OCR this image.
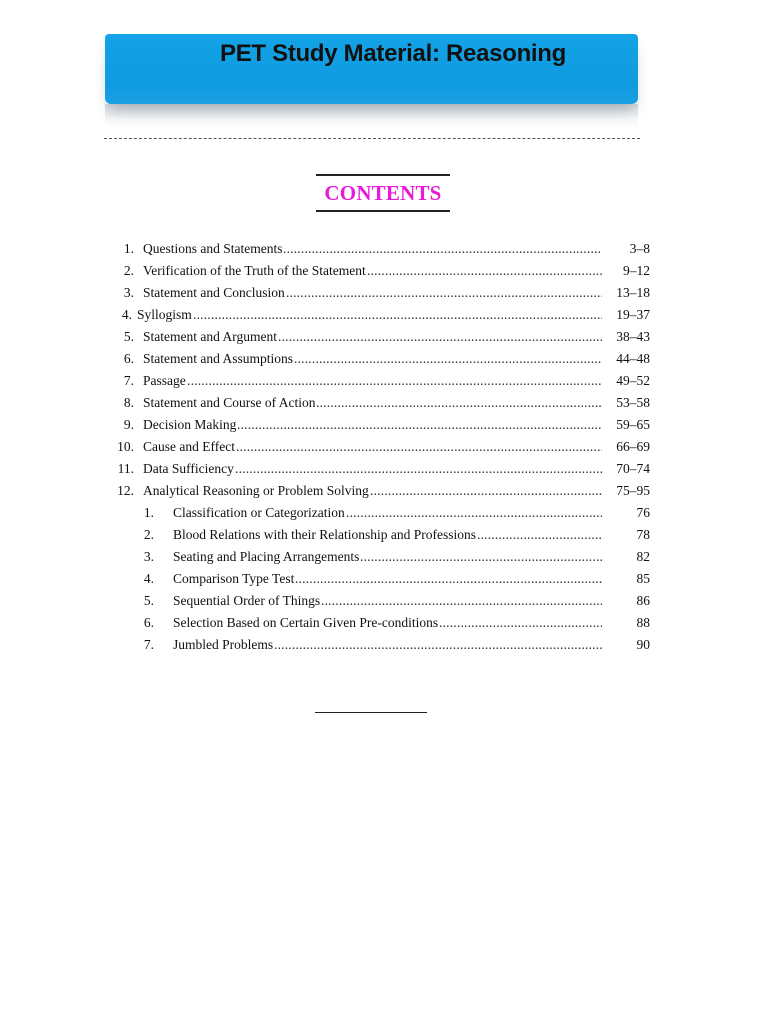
PET Study Material: Reasoning
CONTENTS
1. Questions and Statements .....	3–8
2. Verification of the Truth of the Statement .....	9–12
3. Statement and Conclusion .....	13–18
4. Syllogism .....	19–37
5. Statement and Argument .....	38–43
6. Statement and Assumptions .....	44–48
7. Passage .....	49–52
8. Statement and Course of Action .....	53–58
9. Decision Making .....	59–65
10. Cause and Effect .....	66–69
11. Data Sufficiency .....	70–74
12. Analytical Reasoning or Problem Solving .....	75–95
1. Classification or Categorization .....	76
2. Blood Relations with their Relationship and Professions .....	78
3. Seating and Placing Arrangements .....	82
4. Comparison Type Test .....	85
5. Sequential Order of Things .....	86
6. Selection Based on Certain Given Pre-conditions .....	88
7. Jumbled Problems .....	90
